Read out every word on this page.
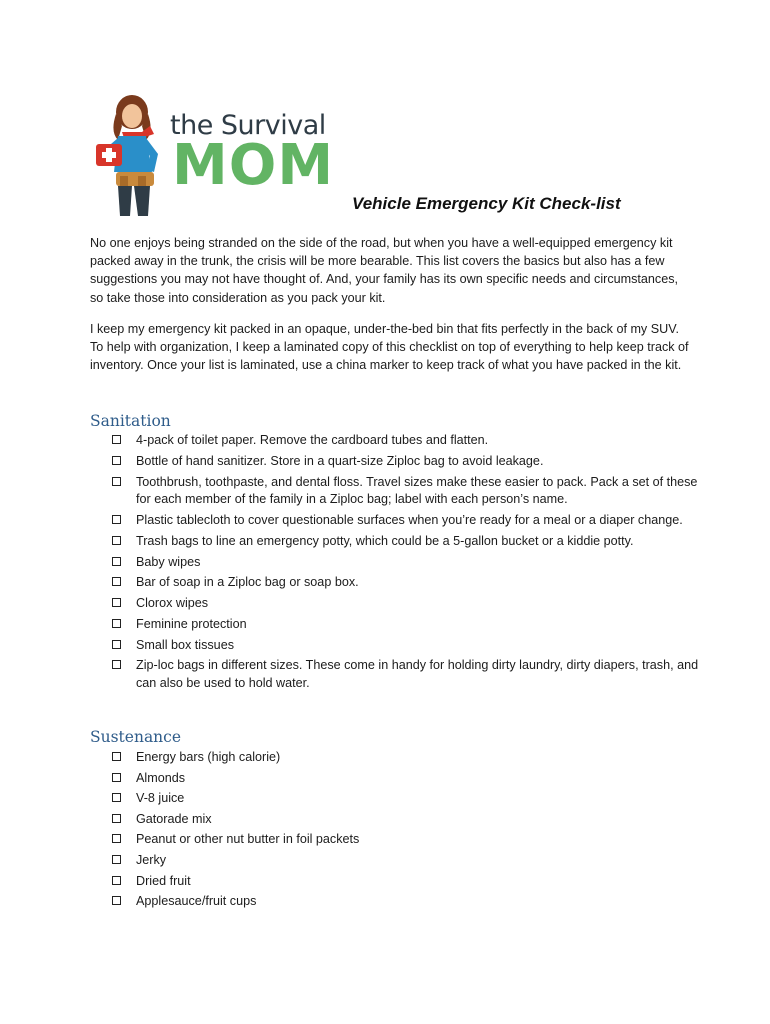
the Survival
MOM
Vehicle Emergency Kit Check-list

No one enjoys being stranded on the side of the road, but when you have a well-equipped emergency kit packed away in the trunk, the crisis will be more bearable. This list covers the basics but also has a few suggestions you may not have thought of. And, your family has its own specific needs and circumstances, so take those into consideration as you pack your kit.

I keep my emergency kit packed in an opaque, under-the-bed bin that fits perfectly in the back of my SUV. To help with organization, I keep a laminated copy of this checklist on top of everything to help keep track of inventory. Once your list is laminated, use a china marker to keep track of what you have packed in the kit.

Sanitation
4-pack of toilet paper. Remove the cardboard tubes and flatten.
Bottle of hand sanitizer. Store in a quart-size Ziploc bag to avoid leakage.
Toothbrush, toothpaste, and dental floss. Travel sizes make these easier to pack. Pack a set of these for each member of the family in a Ziploc bag; label with each person’s name.
Plastic tablecloth to cover questionable surfaces when you’re ready for a meal or a diaper change.
Trash bags to line an emergency potty, which could be a 5-gallon bucket or a kiddie potty.
Baby wipes
Bar of soap in a Ziploc bag or soap box.
Clorox wipes
Feminine protection
Small box tissues
Zip-loc bags in different sizes. These come in handy for holding dirty laundry, dirty diapers, trash, and can also be used to hold water.
Sustenance
Energy bars (high calorie)
Almonds
V-8 juice
Gatorade mix
Peanut or other nut butter in foil packets
Jerky
Dried fruit
Applesauce/fruit cups
